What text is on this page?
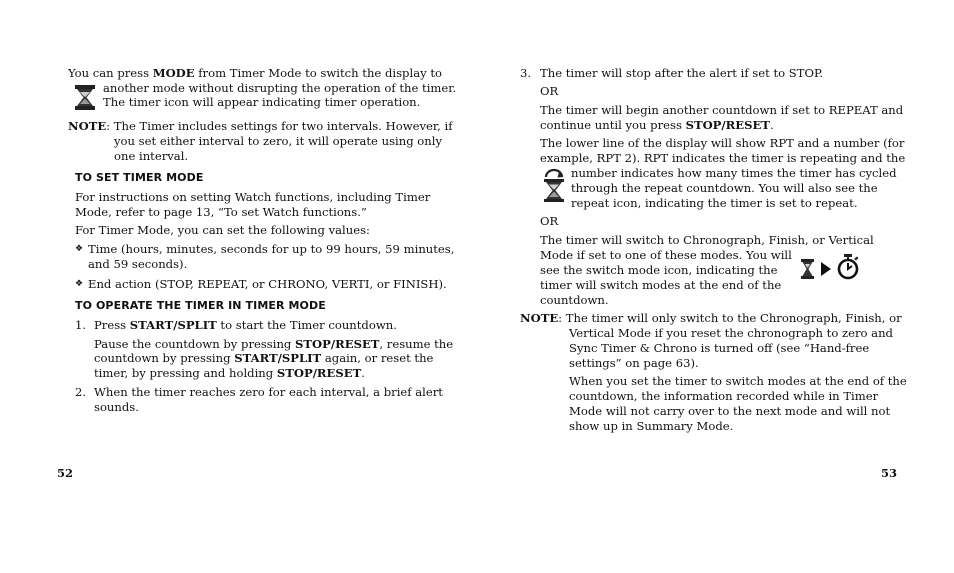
You can press MODE from Timer Mode to switch the display to

another mode without disrupting the operation of the timer.

The timer icon will appear indicating timer operation.

NOTE: The Timer includes settings for two intervals. However, if

you set either interval to zero, it will operate using only

one interval.

TO SET TIMER MODE

For instructions on setting Watch functions, including Timer

Mode, refer to page 13, “To set Watch functions.”

For Timer Mode, you can set the following values:

❖ Time (hours, minutes, seconds for up to 99 hours, 59 minutes,

and 59 seconds).

❖ End action (STOP, REPEAT, or CHRONO, VERTI, or FINISH).

TO OPERATE THE TIMER IN TIMER MODE
1. Press START/SPLIT to start the Timer countdown.

Pause the countdown by pressing STOP/RESET, resume the

countdown by pressing START/SPLIT again, or reset the

timer, by pressing and holding STOP/RESET.

2. When the timer reaches zero for each interval, a brief alert

sounds.

52
3. The timer will stop after the alert if set to STOP.

OR

The timer will begin another countdown if set to REPEAT and

continue until you press STOP/RESET.

The lower line of the display will show RPT and a number (for

example, RPT 2). RPT indicates the timer is repeating and the

number indicates how many times the timer has cycled

through the repeat countdown. You will also see the

repeat icon, indicating the timer is set to repeat.

OR

The timer will switch to Chronograph, Finish, or Vertical

Mode if set to one of these modes. You will

see the switch mode icon, indicating the

timer will switch modes at the end of the

countdown.

NOTE: The timer will only switch to the Chronograph, Finish, or

Vertical Mode if you reset the chronograph to zero and

Sync Timer & Chrono is turned off (see “Hand-free

settings” on page 63).

When you set the timer to switch modes at the end of the

countdown, the information recorded while in Timer

Mode will not carry over to the next mode and will not

show up in Summary Mode.

53
